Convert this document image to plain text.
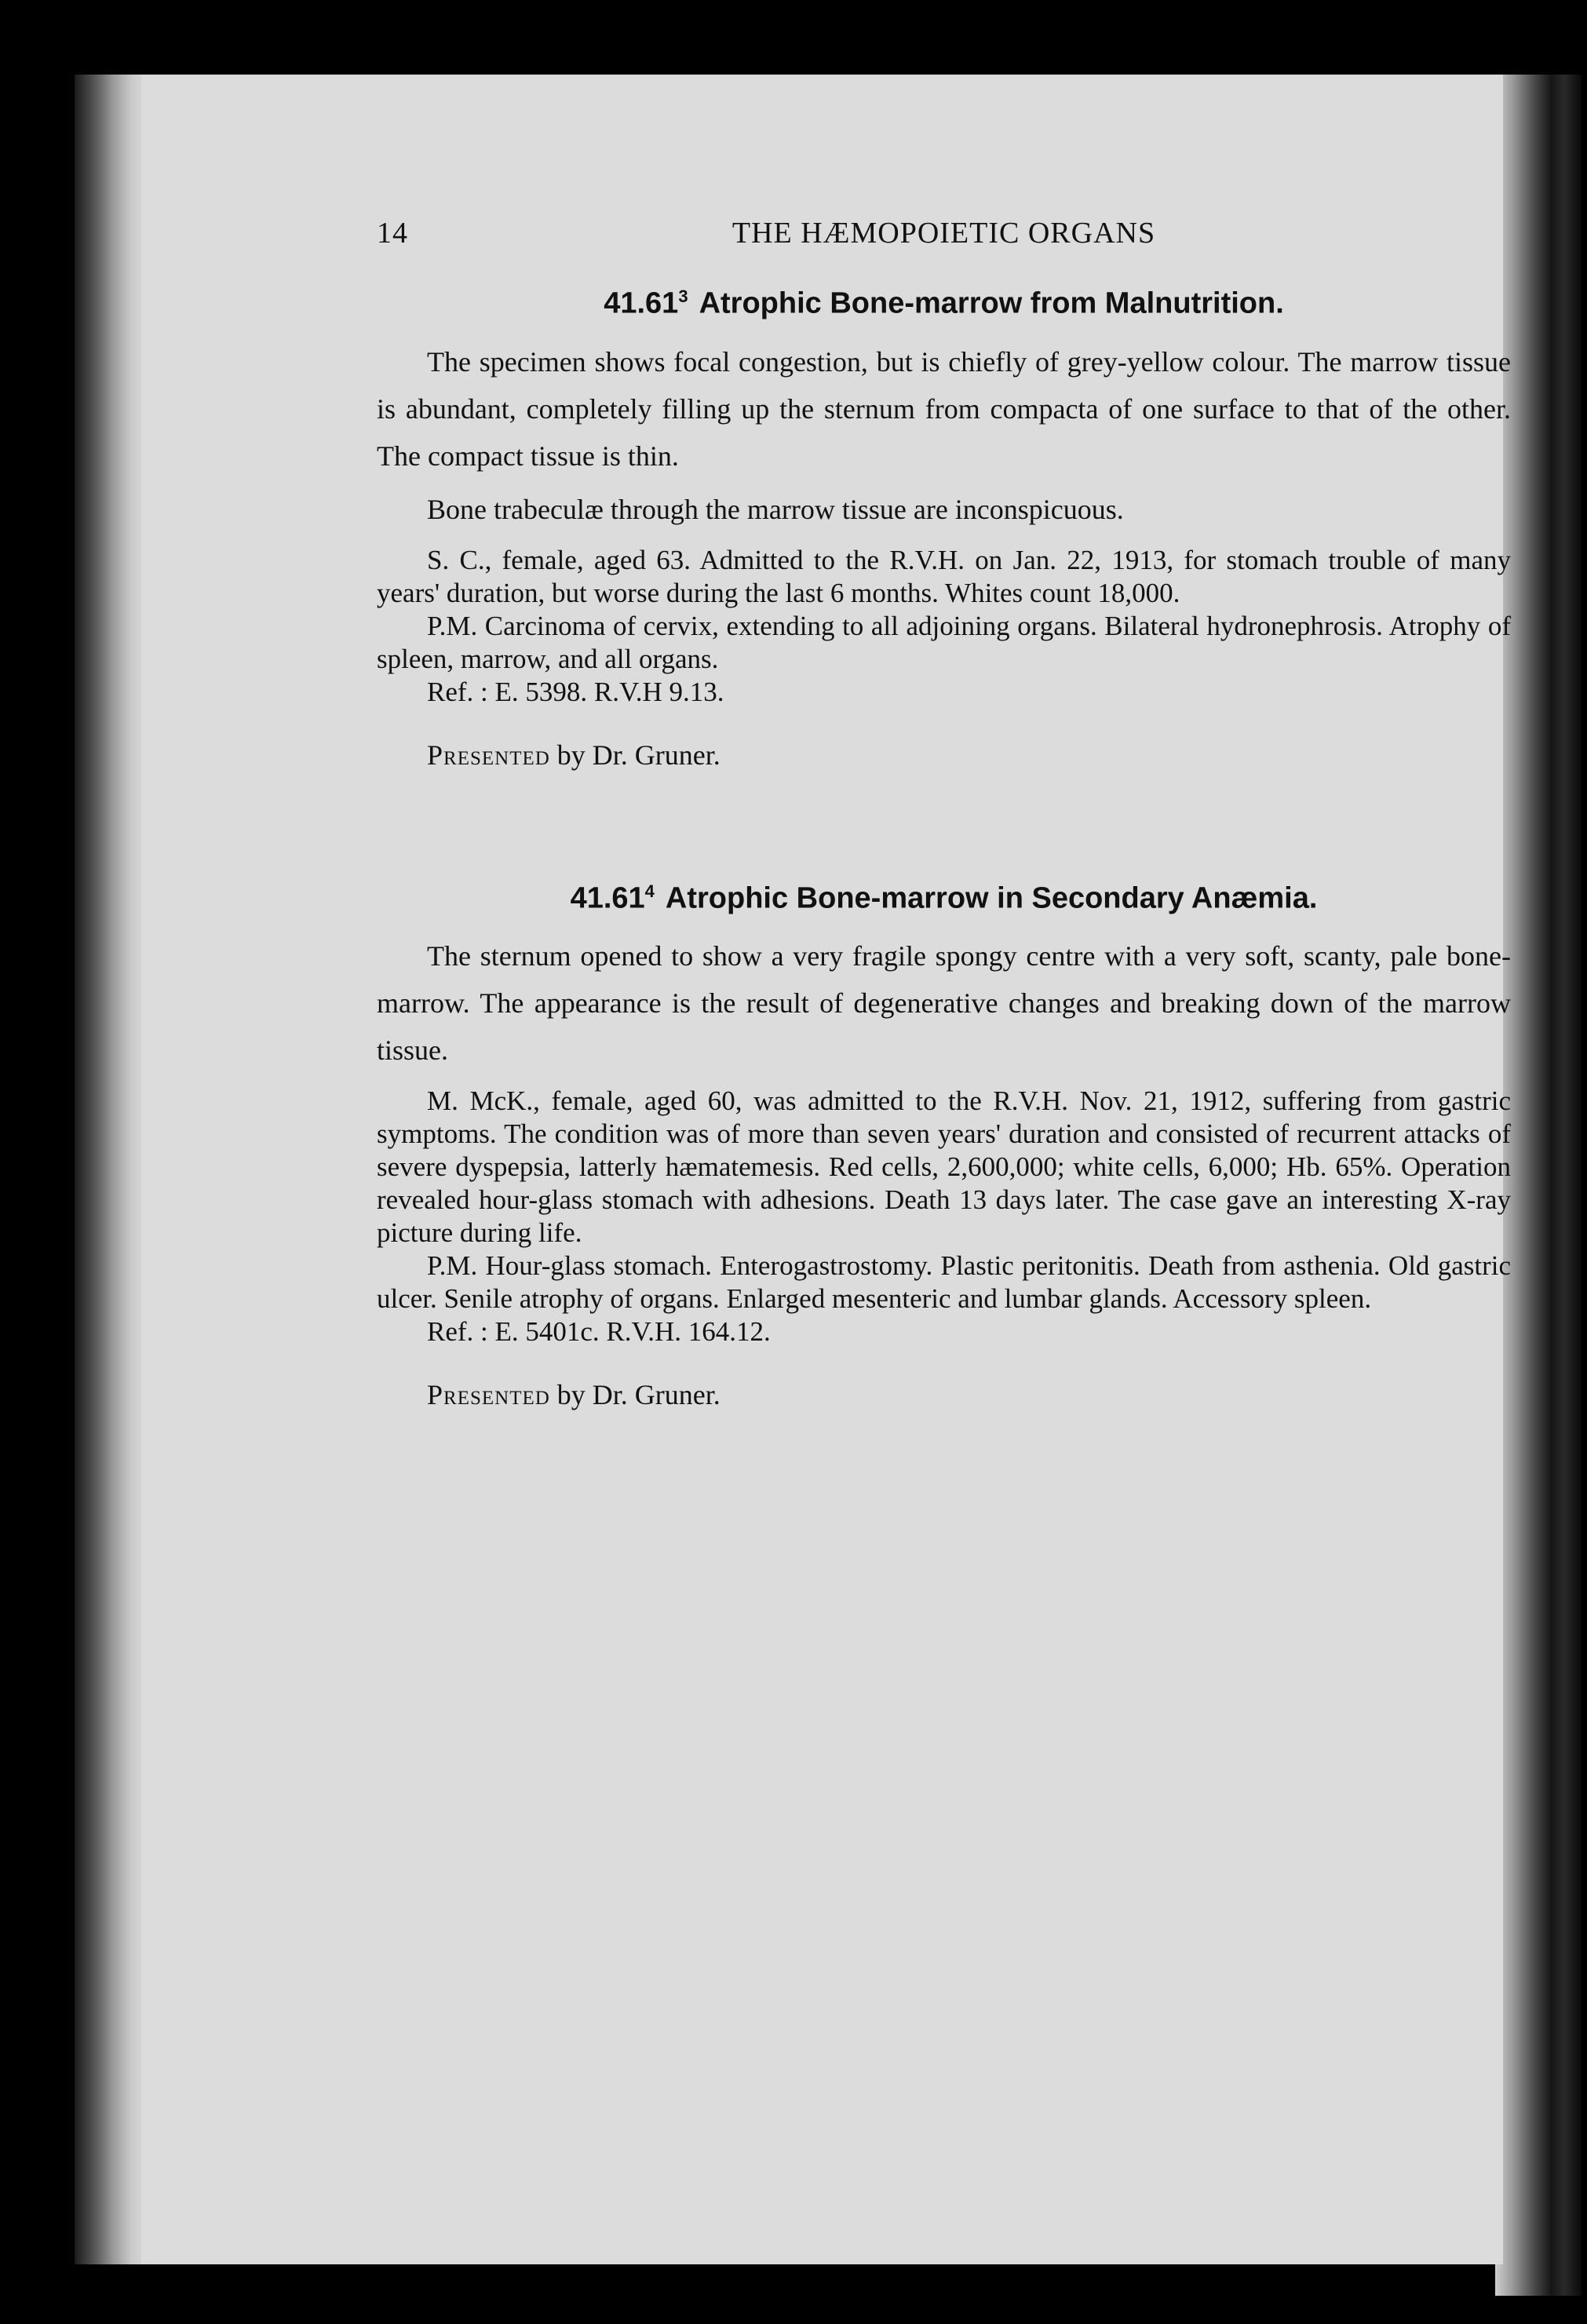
14	THE HÆMOPOIETIC ORGANS
41.61$^3$ Atrophic Bone-marrow from Malnutrition.

The specimen shows focal congestion, but is chiefly of grey-yellow colour. The marrow tissue is abundant, completely filling up the sternum from compacta of one surface to that of the other. The compact tissue is thin.

Bone trabeculæ through the marrow tissue are inconspicuous.

S. C., female, aged 63. Admitted to the R.V.H. on Jan. 22, 1913, for stomach trouble of many years' duration, but worse during the last 6 months. Whites count 18,000.

P.M. Carcinoma of cervix, extending to all adjoining organs. Bilateral hydronephrosis. Atrophy of spleen, marrow, and all organs.

Ref. : E. 5398. R.V.H 9.13.

Presented by Dr. Gruner.

41.61$^4$ Atrophic Bone-marrow in Secondary Anæmia.

The sternum opened to show a very fragile spongy centre with a very soft, scanty, pale bone-marrow. The appearance is the result of degenerative changes and breaking down of the marrow tissue.

M. McK., female, aged 60, was admitted to the R.V.H. Nov. 21, 1912, suffering from gastric symptoms. The condition was of more than seven years' duration and consisted of recurrent attacks of severe dyspepsia, latterly hæmatemesis. Red cells, 2,600,000; white cells, 6,000; Hb. 65%. Operation revealed hour-glass stomach with adhesions. Death 13 days later. The case gave an interesting X-ray picture during life.

P.M. Hour-glass stomach. Enterogastrostomy. Plastic peritonitis. Death from asthenia. Old gastric ulcer. Senile atrophy of organs. Enlarged mesenteric and lumbar glands. Accessory spleen.

Ref. : E. 5401c. R.V.H. 164.12.

Presented by Dr. Gruner.
